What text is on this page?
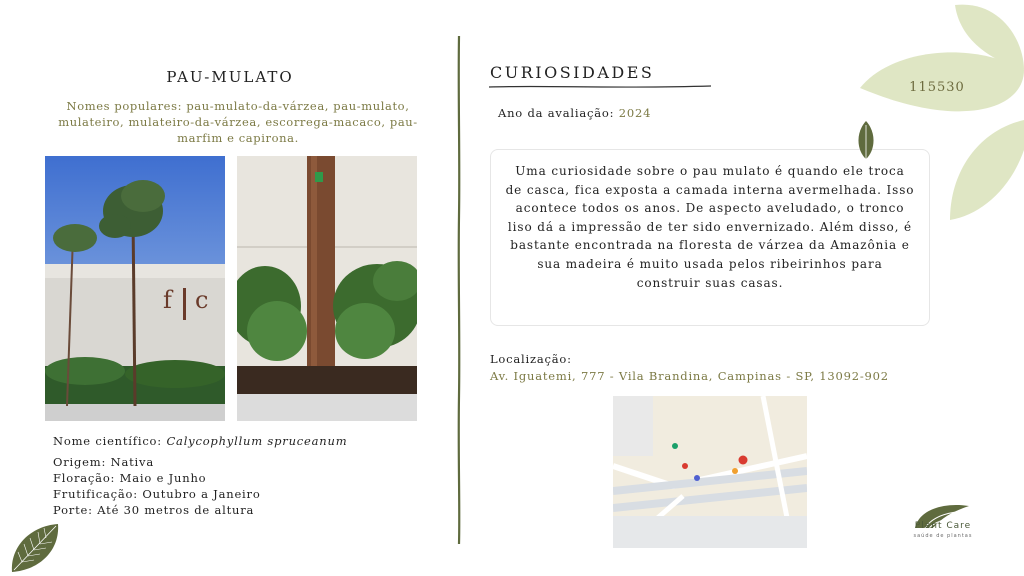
PAU-MULATO
Nomes populares: pau-mulato-da-várzea, pau-mulato, mulateiro, mulateiro-da-várzea, escorrega-macaco, pau-marfim e capirona.
f c
Nome científico: Calycophyllum spruceanum
Origem: Nativa
Floração: Maio e Junho
Frutificação: Outubro a Janeiro
Porte: Até 30 metros de altura
CURIOSIDADES
Ano da avaliação: 2024
Uma curiosidade sobre o pau mulato é quando ele troca de casca, fica exposta a camada interna avermelhada. Isso acontece todos os anos. De aspecto aveludado, o tronco liso dá a impressão de ter sido envernizado. Além disso, é bastante encontrada na floresta de várzea da Amazônia e sua madeira é muito usada pelos ribeirinhos para construir suas casas.
Localização:
Av. Iguatemi, 777 - Vila Brandina, Campinas - SP, 13092-902
115530
Plant Care
saúde de plantas
